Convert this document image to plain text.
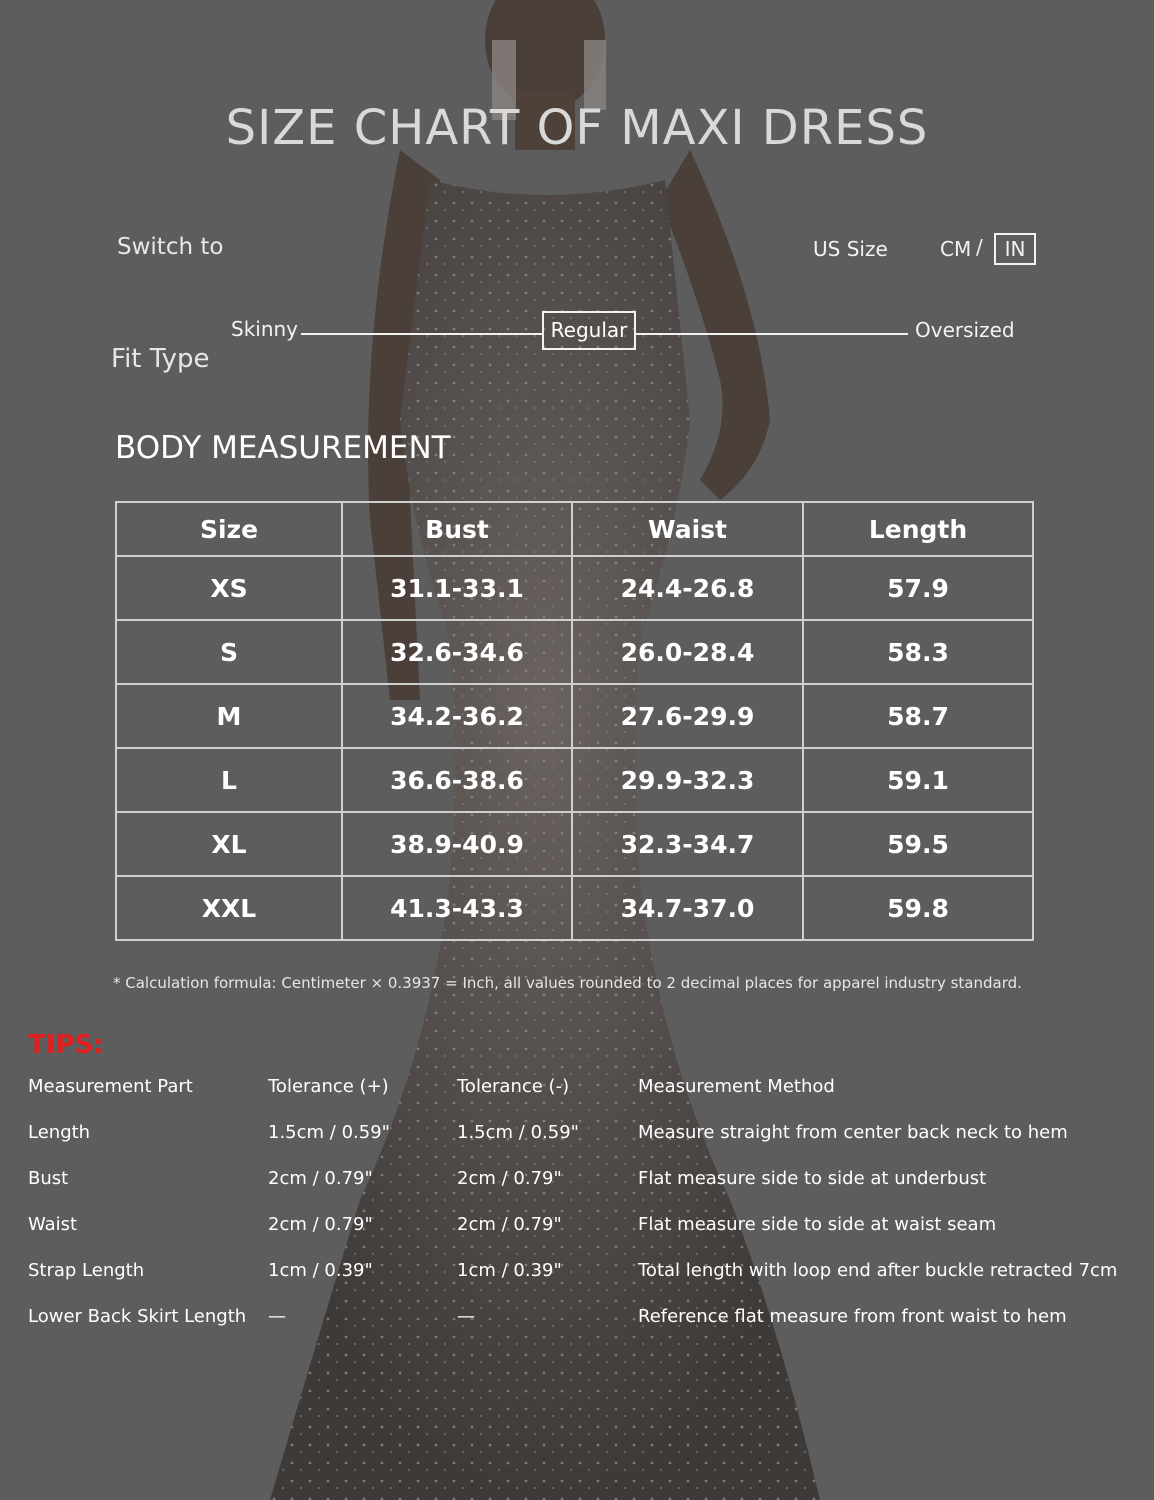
SIZE CHART OF MAXI DRESS
Switch to	US Size	CM /	IN
Skinny	Regular	Oversized
Fit Type
BODY MEASUREMENT
Size	Bust	Waist	Length
XS	31.1-33.1	24.4-26.8	57.9
S	32.6-34.6	26.0-28.4	58.3
M	34.2-36.2	27.6-29.9	58.7
L	36.6-38.6	29.9-32.3	59.1
XL	38.9-40.9	32.3-34.7	59.5
XXL	41.3-43.3	34.7-37.0	59.8
* Calculation formula: Centimeter × 0.3937 = Inch, all values rounded to 2 decimal places for apparel industry standard.
TIPS:
Measurement Part	Tolerance (+)	Tolerance (-)	Measurement Method
Length	1.5cm / 0.59"	1.5cm / 0.59"	Measure straight from center back neck to hem
Bust	2cm / 0.79"	2cm / 0.79"	Flat measure side to side at underbust
Waist	2cm / 0.79"	2cm / 0.79"	Flat measure side to side at waist seam
Strap Length	1cm / 0.39"	1cm / 0.39"	Total length with loop end after buckle retracted 7cm
Lower Back Skirt Length —	—	Reference flat measure from front waist to hem
